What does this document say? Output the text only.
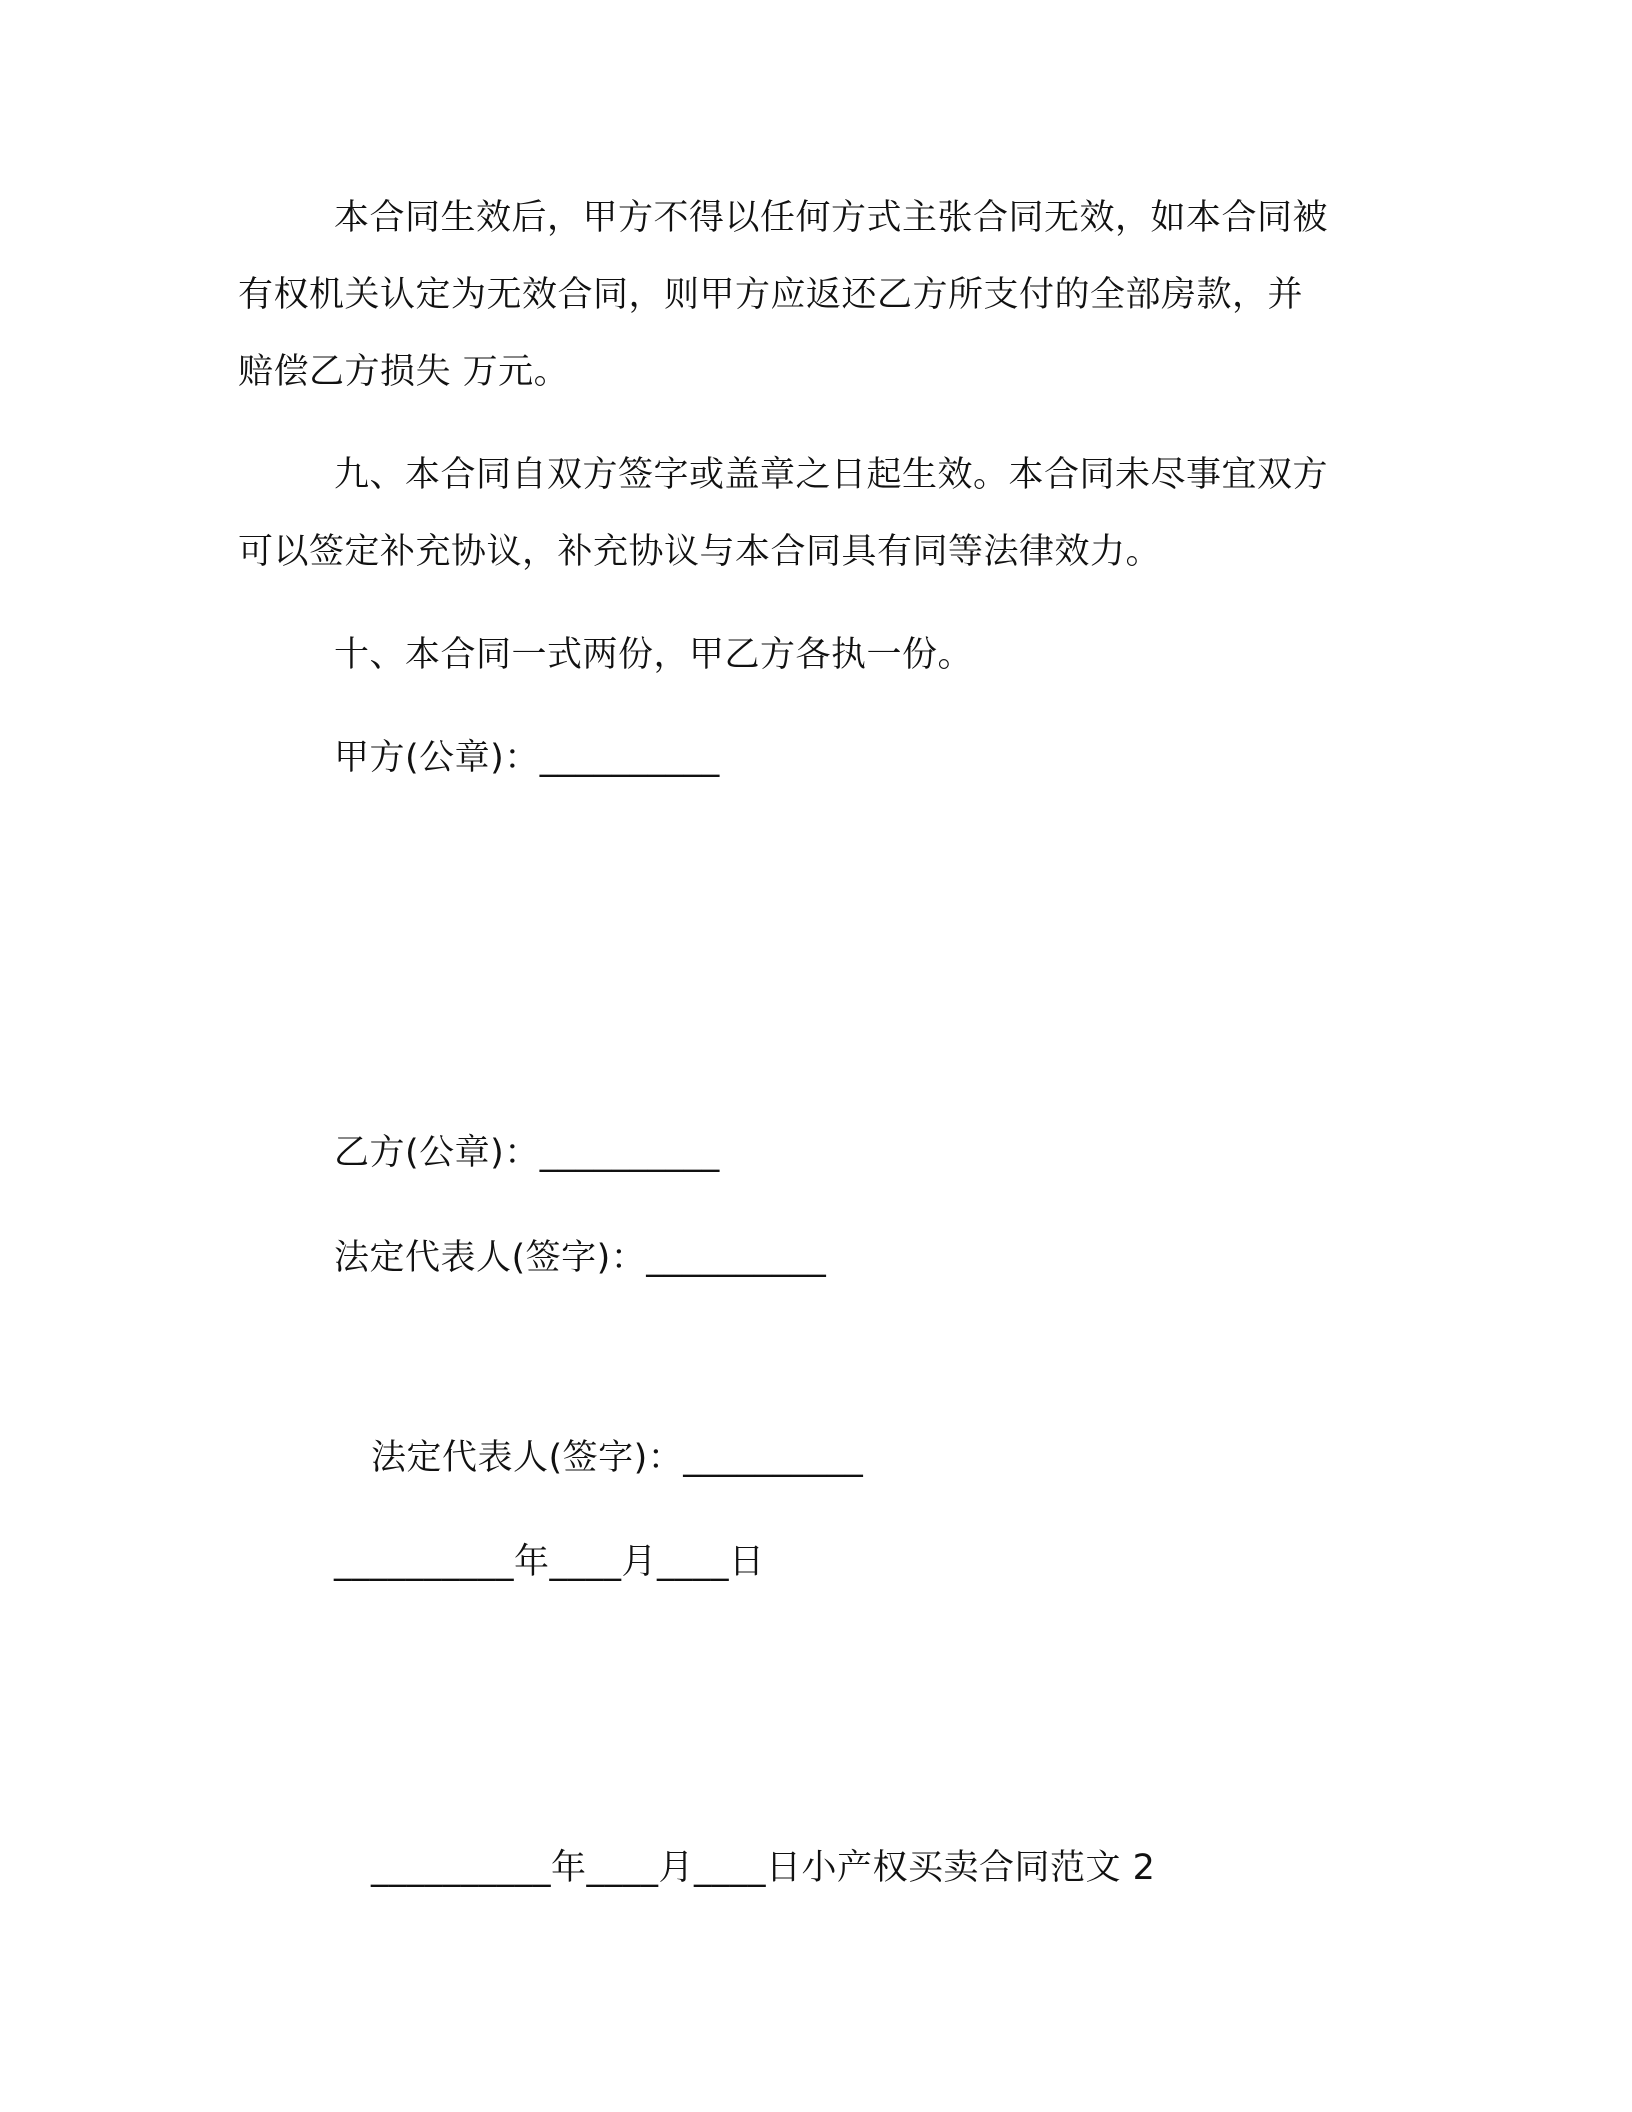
本合同生效后，甲方不得以任何方式主张合同无效，如本合同被
有权机关认定为无效合同，则甲方应返还乙方所支付的全部房款，并
赔偿乙方损失 万元。
九、本合同自双方签字或盖章之日起生效。本合同未尽事宜双方
可以签定补充协议，补充协议与本合同具有同等法律效力。
十、本合同一式两份，甲乙方各执一份。
甲方(公章)：__________
乙方(公章)：__________
法定代表人(签字)：__________
法定代表人(签字)：__________
__________年____月____日
__________年____月____日小产权买卖合同范文 2
